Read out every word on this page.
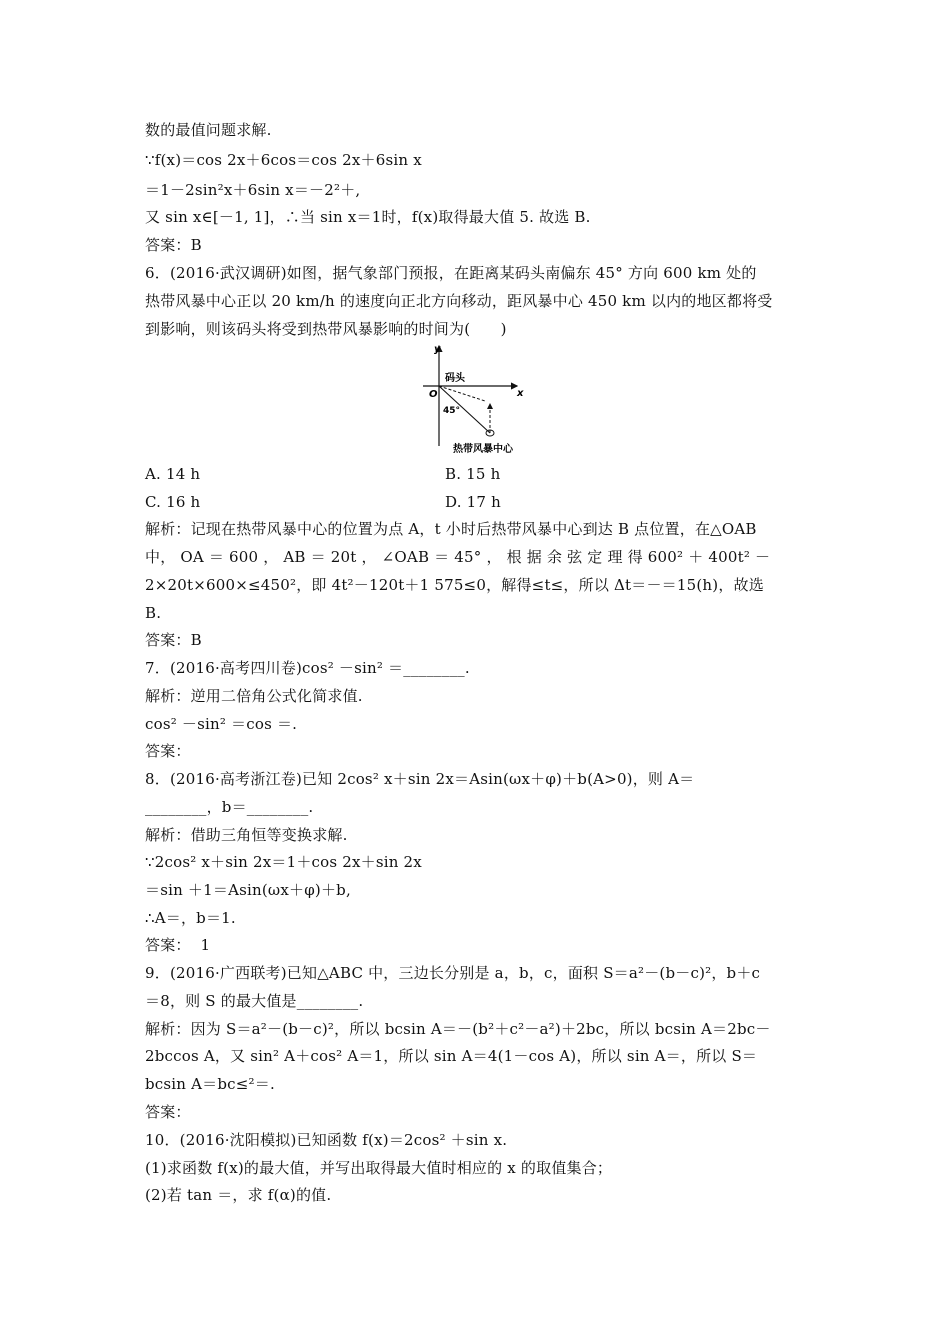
数的最值问题求解.
∵f(x)＝cos 2x＋6cos＝cos 2x＋6sin x
＝1－2sin²x＋6sin x＝－2²＋,
又 sin x∈[－1, 1]，∴当 sin x＝1时，f(x)取得最大值 5. 故选 B.
答案：B
6．(2016·武汉调研)如图，据气象部门预报，在距离某码头南偏东 45° 方向 600 km 处的
热带风暴中心正以 20 km/h 的速度向正北方向移动，距风暴中心 450 km 以内的地区都将受
到影响，则该码头将受到热带风暴影响的时间为(　　)
y
x
O
码头
45°
热带风暴中心
A. 14 h	B. 15 h
C. 16 h	D. 17 h
解析：记现在热带风暴中心的位置为点 A，t 小时后热带风暴中心到达 B 点位置，在△OAB
中， OA ＝ 600 ， AB ＝ 20t ， ∠OAB ＝ 45° ， 根 据 余 弦 定 理 得 600² ＋ 400t² －
2×20t×600×≤450²，即 4t²－120t＋1 575≤0，解得≤t≤，所以 Δt＝－＝15(h)，故选
B.
答案：B
7．(2016·高考四川卷)cos² －sin² ＝________.
解析：逆用二倍角公式化简求值.
cos² －sin² ＝cos ＝.
答案：
8．(2016·高考浙江卷)已知 2cos² x＋sin 2x＝Asin(ωx＋φ)＋b(A>0)，则 A＝
________，b＝________.
解析：借助三角恒等变换求解.
∵2cos² x＋sin 2x＝1＋cos 2x＋sin 2x
＝sin ＋1＝Asin(ωx＋φ)＋b,
∴A＝，b＝1.
答案：  1
9．(2016·广西联考)已知△ABC 中，三边长分别是 a，b，c，面积 S＝a²－(b－c)²，b＋c
＝8，则 S 的最大值是________.
解析：因为 S＝a²－(b－c)²，所以 bcsin A＝－(b²＋c²－a²)＋2bc，所以 bcsin A＝2bc－
2bccos A，又 sin² A＋cos² A＝1，所以 sin A＝4(1－cos A)，所以 sin A＝，所以 S＝
bcsin A＝bc≤²＝.
答案：
10．(2016·沈阳模拟)已知函数 f(x)＝2cos² ＋sin x.
(1)求函数 f(x)的最大值，并写出取得最大值时相应的 x 的取值集合；
(2)若 tan ＝，求 f(α)的值.
